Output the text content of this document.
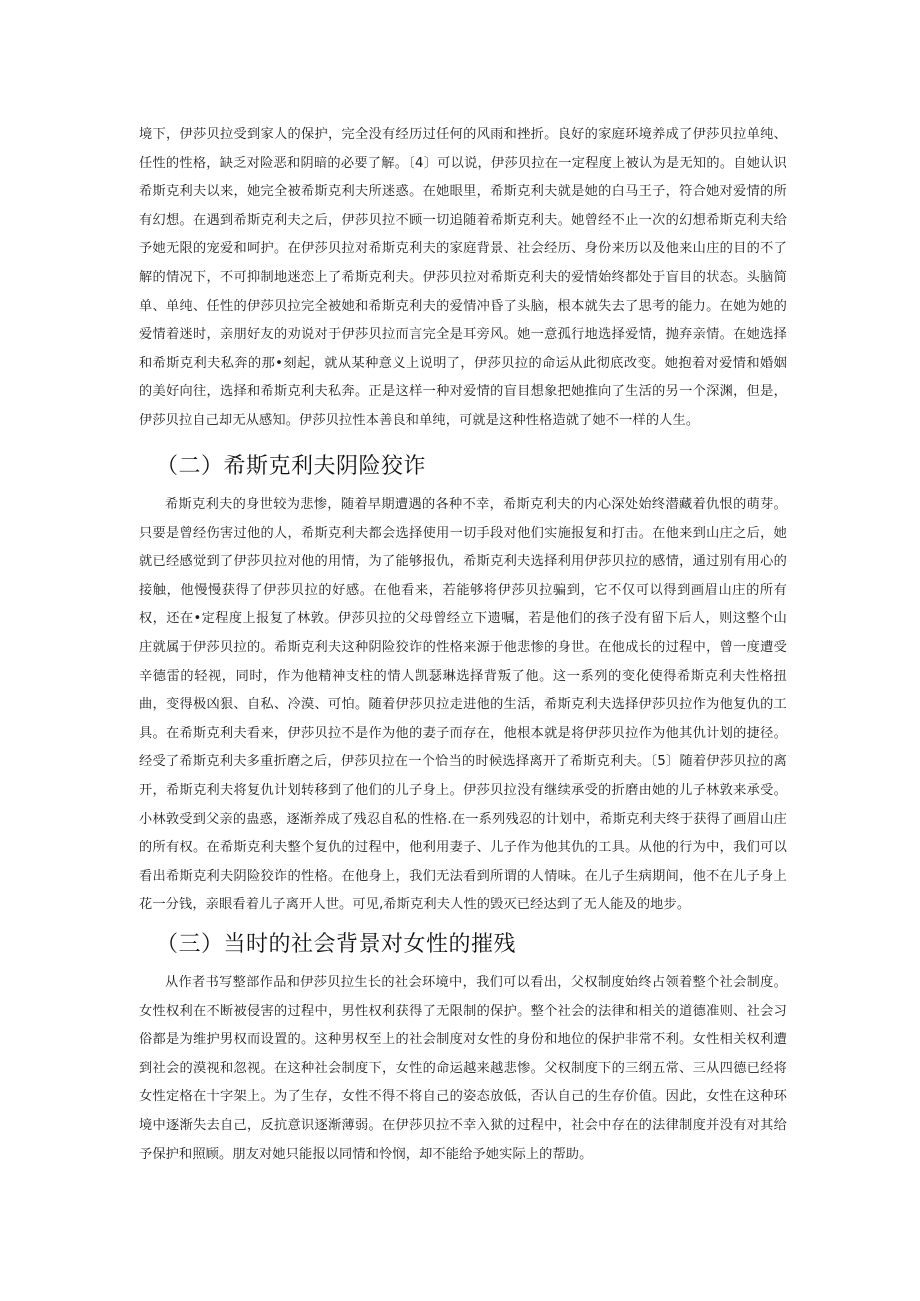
境下，伊莎贝拉受到家人的保护，完全没有经历过任何的风雨和挫折。良好的家庭环境养成了伊莎贝拉单纯、任性的性格，缺乏对险恶和阴暗的必要了解。〔4〕可以说，伊莎贝拉在一定程度上被认为是无知的。自她认识希斯克利夫以来，她完全被希斯克利夫所迷惑。在她眼里，希斯克利夫就是她的白马王子，符合她对爱情的所有幻想。在遇到希斯克利夫之后，伊莎贝拉不顾一切追随着希斯克利夫。她曾经不止一次的幻想希斯克利夫给予她无限的宠爱和呵护。在伊莎贝拉对希斯克利夫的家庭背景、社会经历、身份来历以及他来山庄的目的不了解的情况下，不可抑制地迷恋上了希斯克利夫。伊莎贝拉对希斯克利夫的爱情始终都处于盲目的状态。头脑简单、单纯、任性的伊莎贝拉完全被她和希斯克利夫的爱情冲昏了头脑，根本就失去了思考的能力。在她为她的爱情着迷时，亲朋好友的劝说对于伊莎贝拉而言完全是耳旁风。她一意孤行地选择爱情，抛弃亲情。在她选择和希斯克利夫私奔的那•刻起，就从某种意义上说明了，伊莎贝拉的命运从此彻底改变。她抱着对爱情和婚姻的美好向往，选择和希斯克利夫私奔。正是这样一种对爱情的盲目想象把她推向了生活的另一个深渊，但是，伊莎贝拉自己却无从感知。伊莎贝拉性本善良和单纯，可就是这种性格造就了她不一样的人生。

（二）希斯克利夫阴险狡诈

希斯克利夫的身世较为悲惨，随着早期遭遇的各种不幸，希斯克利夫的内心深处始终潜藏着仇恨的萌芽。只要是曾经伤害过他的人，希斯克利夫都会选择使用一切手段对他们实施报复和打击。在他来到山庄之后，她就已经感觉到了伊莎贝拉对他的用情，为了能够报仇，希斯克利夫选择利用伊莎贝拉的感情，通过别有用心的接触，他慢慢获得了伊莎贝拉的好感。在他看来，若能够将伊莎贝拉骗到，它不仅可以得到画眉山庄的所有权，还在•定程度上报复了林敦。伊莎贝拉的父母曾经立下遗嘱，若是他们的孩子没有留下后人，则这整个山庄就属于伊莎贝拉的。希斯克利夫这种阴险狡诈的性格来源于他悲惨的身世。在他成长的过程中，曾一度遭受辛德雷的轻视，同时，作为他精神支柱的情人凯瑟琳选择背叛了他。这一系列的变化使得希斯克利夫性格扭曲，变得极凶狠、自私、冷漠、可怕。随着伊莎贝拉走进他的生活，希斯克利夫选择伊莎贝拉作为他复仇的工具。在希斯克利夫看来，伊莎贝拉不是作为他的妻子而存在，他根本就是将伊莎贝拉作为他其仇计划的捷径。经受了希斯克利夫多重折磨之后，伊莎贝拉在一个恰当的时候选择离开了希斯克利夫。〔5〕随着伊莎贝拉的离开，希斯克利夫将复仇计划转移到了他们的儿子身上。伊莎贝拉没有继续承受的折磨由她的儿子林敦来承受。小林敦受到父亲的蛊惑，逐渐养成了残忍自私的性格.在一系列残忍的计划中，希斯克利夫终于获得了画眉山庄的所有权。在希斯克利夫整个复仇的过程中，他利用妻子、儿子作为他其仇的工具。从他的行为中，我们可以看出希斯克利夫阴险狡诈的性格。在他身上，我们无法看到所谓的人情味。在儿子生病期间，他不在儿子身上花一分钱，亲眼看着儿子离开人世。可见,希斯克利夫人性的毁灭已经达到了无人能及的地步。

（三）当时的社会背景对女性的摧残

从作者书写整部作品和伊莎贝拉生长的社会环境中，我们可以看出，父权制度始终占领着整个社会制度。女性权利在不断被侵害的过程中，男性权利获得了无限制的保护。整个社会的法律和相关的道德准则、社会习俗都是为维护男权而设置的。这种男权至上的社会制度对女性的身份和地位的保护非常不利。女性相关权利遭到社会的漠视和忽视。在这种社会制度下，女性的命运越来越悲惨。父权制度下的三纲五常、三从四德已经将女性定格在十字架上。为了生存，女性不得不将自己的姿态放低，否认自己的生存价值。因此，女性在这种环境中逐渐失去自己，反抗意识逐渐薄弱。在伊莎贝拉不幸入狱的过程中，社会中存在的法律制度并没有对其给予保护和照顾。朋友对她只能报以同情和怜悯，却不能给予她实际上的帮助。
